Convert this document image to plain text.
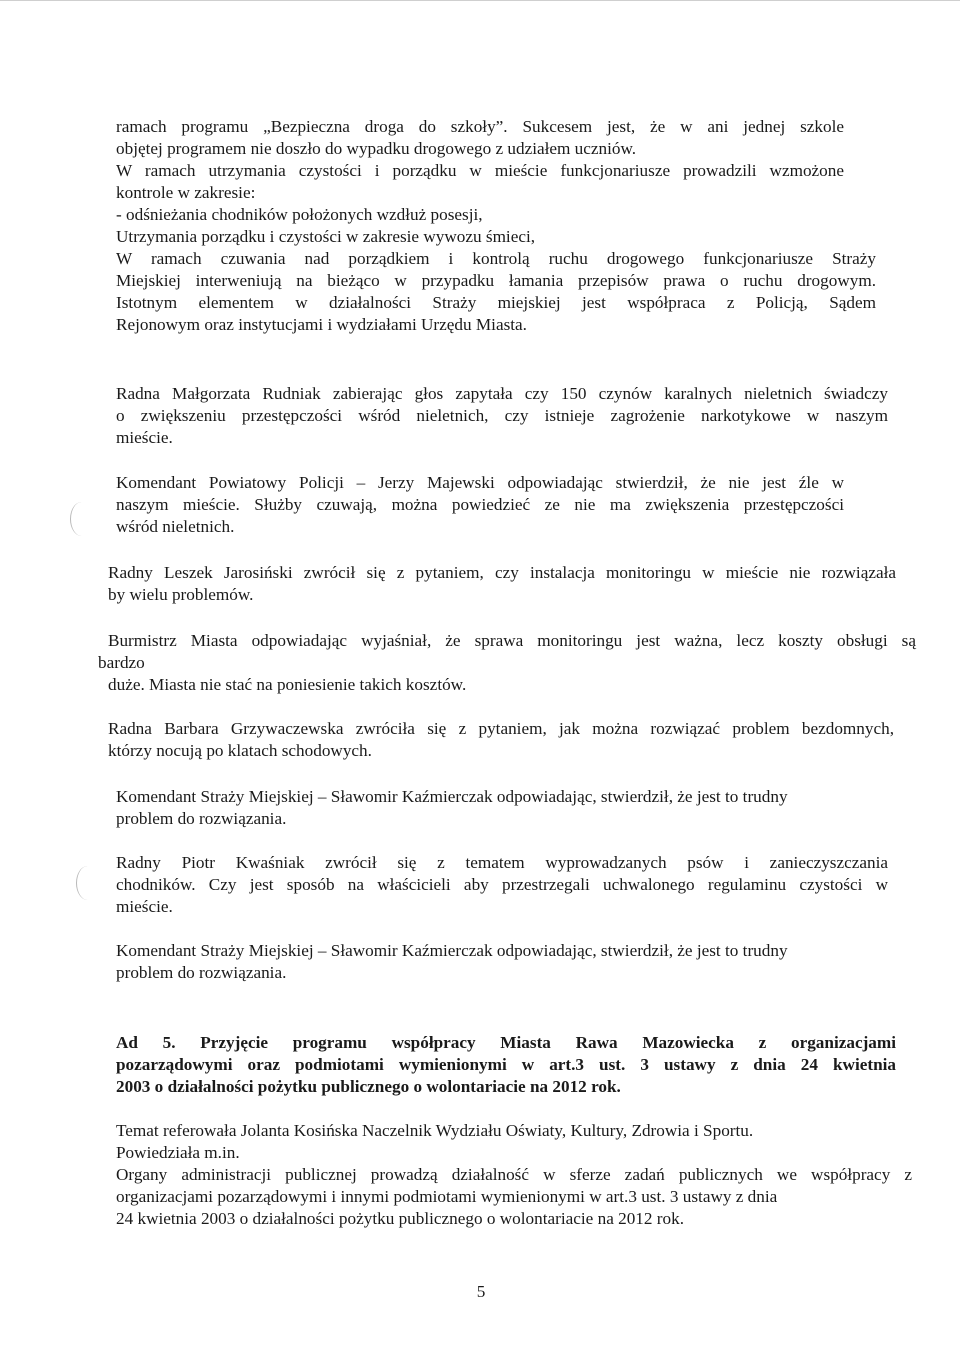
ramach programu „Bezpieczna droga do szkoły”. Sukcesem jest, że w ani jednej szkole
objętej programem nie doszło do wypadku drogowego z udziałem uczniów.
W ramach utrzymania czystości i porządku w mieście funkcjonariusze prowadzili wzmożone
kontrole w zakresie:
- odśnieżania chodników położonych wzdłuż posesji,
Utrzymania porządku i czystości w zakresie wywozu śmieci,
W ramach czuwania nad porządkiem i kontrolą ruchu drogowego funkcjonariusze Straży
Miejskiej interweniują na bieżąco w przypadku łamania przepisów prawa o ruchu drogowym.
Istotnym elementem w działalności Straży miejskiej jest współpraca z Policją, Sądem
Rejonowym oraz instytucjami i wydziałami Urzędu Miasta.
Radna Małgorzata Rudniak zabierając głos zapytała czy 150 czynów karalnych nieletnich świadczy
o zwiększeniu przestępczości wśród nieletnich, czy istnieje zagrożenie narkotykowe w naszym
mieście.
Komendant Powiatowy Policji – Jerzy Majewski odpowiadając stwierdził, że nie jest źle w
naszym mieście. Służby czuwają, można powiedzieć ze nie ma zwiększenia przestępczości
wśród nieletnich.
Radny Leszek Jarosiński zwrócił się z pytaniem, czy instalacja monitoringu w mieście nie rozwiązała
by wielu problemów.
Burmistrz Miasta odpowiadając wyjaśniał, że sprawa monitoringu jest ważna, lecz koszty obsługi są
bardzo
duże. Miasta nie stać na poniesienie takich kosztów.
Radna Barbara Grzywaczewska zwróciła się z pytaniem, jak można rozwiązać problem bezdomnych,
którzy nocują po klatach schodowych.
Komendant Straży Miejskiej – Sławomir Kaźmierczak odpowiadając, stwierdził, że jest to trudny
problem do rozwiązania.
Radny Piotr Kwaśniak zwrócił się z tematem wyprowadzanych psów i zanieczyszczania
chodników. Czy jest sposób na właścicieli aby przestrzegali uchwalonego regulaminu czystości w
mieście.
Komendant Straży Miejskiej – Sławomir Kaźmierczak odpowiadając, stwierdził, że jest to trudny
problem do rozwiązania.
Ad 5. Przyjęcie programu współpracy Miasta Rawa Mazowiecka z organizacjami
pozarządowymi oraz podmiotami wymienionymi w art.3 ust. 3 ustawy z dnia 24 kwietnia
2003 o działalności pożytku publicznego o wolontariacie na 2012 rok.
Temat referowała Jolanta Kosińska Naczelnik Wydziału Oświaty, Kultury, Zdrowia i Sportu.
Powiedziała m.in.
Organy administracji publicznej prowadzą działalność w sferze zadań publicznych we współpracy z
organizacjami pozarządowymi i innymi podmiotami wymienionymi w art.3 ust. 3 ustawy z dnia
24 kwietnia 2003 o działalności pożytku publicznego o wolontariacie na 2012 rok.
5
